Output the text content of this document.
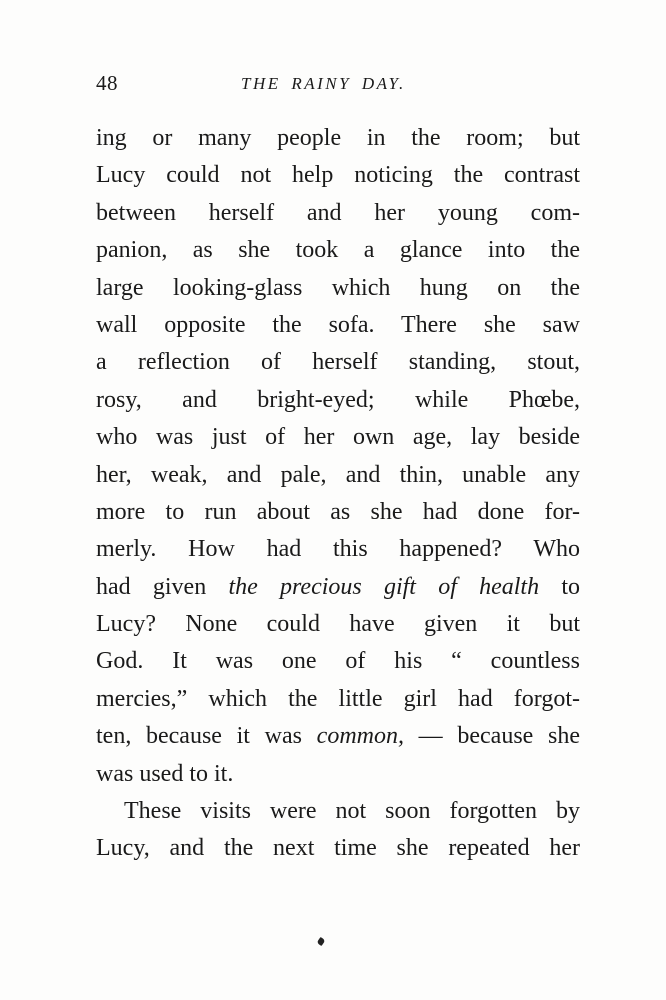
48	THE RAINY DAY.
ing or many people in the room; but
Lucy could not help noticing the contrast
between herself and her young com-
panion, as she took a glance into the
large looking-glass which hung on the
wall opposite the sofa. There she saw
a reflection of herself standing, stout,
rosy, and bright-eyed; while Phœbe,
who was just of her own age, lay beside
her, weak, and pale, and thin, unable any
more to run about as she had done for-
merly. How had this happened? Who
had given the precious gift of health to
Lucy? None could have given it but
God. It was one of his “ countless
mercies,” which the little girl had forgot-
ten, because it was common, — because she
was used to it.
These visits were not soon forgotten by
Lucy, and the next time she repeated her
